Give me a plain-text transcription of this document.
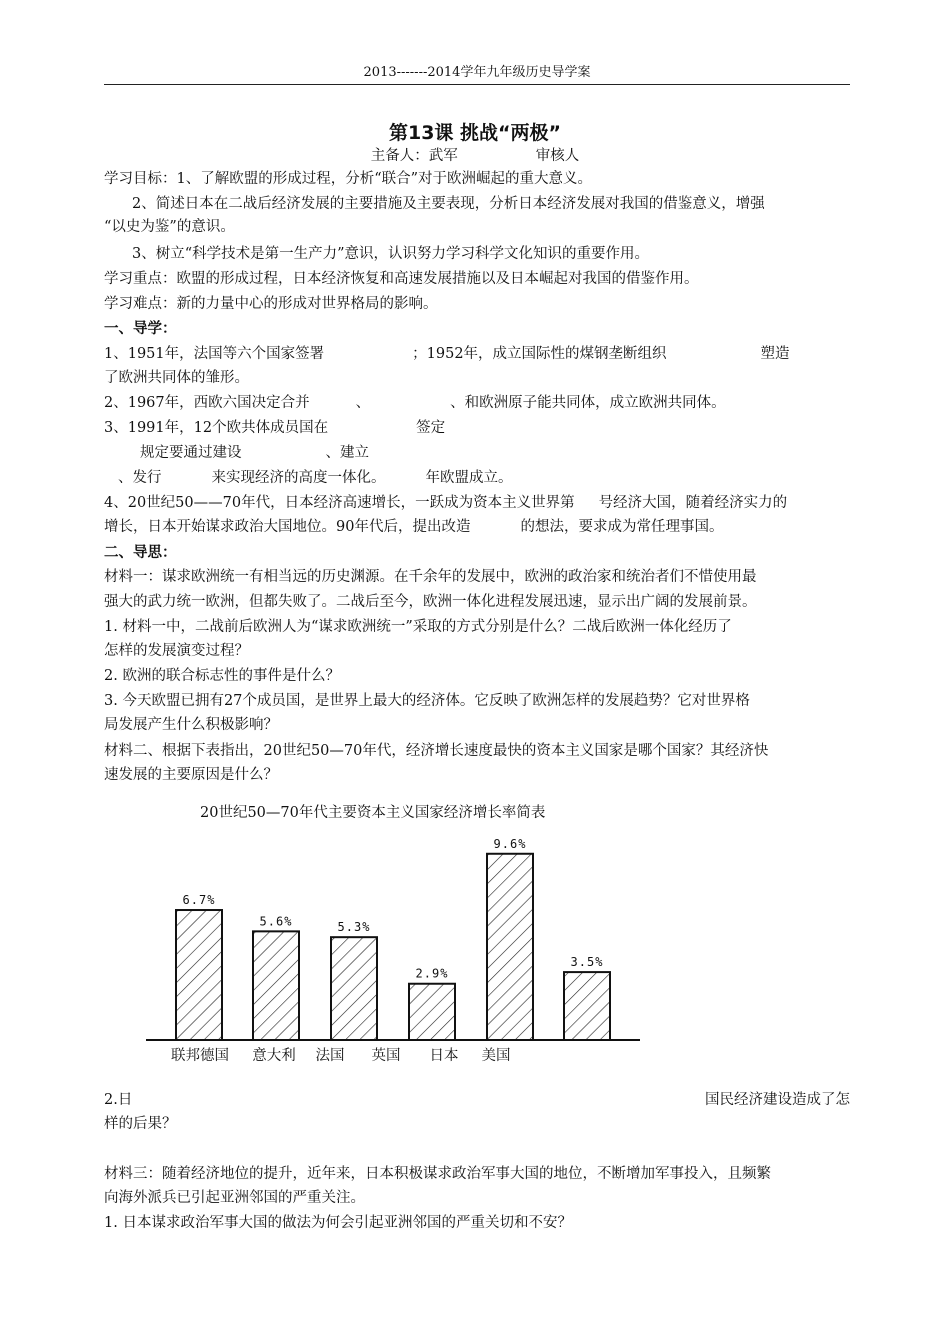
2013-------2014学年九年级历史导学案
第13课 挑战“两极”
主备人：武军	审核人
学习目标：1、了解欧盟的形成过程，分析“联合”对于欧洲崛起的重大意义。
2、简述日本在二战后经济发展的主要措施及主要表现，分析日本经济发展对我国的借鉴意义，增强
“以史为鉴”的意识。
3、树立“科学技术是第一生产力”意识，认识努力学习科学文化知识的重要作用。
学习重点：欧盟的形成过程，日本经济恢复和高速发展措施以及日本崛起对我国的借鉴作用。
学习难点：新的力量中心的形成对世界格局的影响。
一、导学：
1、1951年，法国等六个国家签署	；1952年，成立国际性的煤钢垄断组织	塑造
了欧洲共同体的雏形。
2、1967年，西欧六国决定合并	、	、和欧洲原子能共同体，成立欧洲共同体。
3、1991年，12个欧共体成员国在	签定
规定要通过建设	、建立
、发行	来实现经济的高度一体化。	年欧盟成立。
4、20世纪50——70年代，日本经济高速增长，一跃成为资本主义世界第 号经济大国，随着经济实力的
增长，日本开始谋求政治大国地位。90年代后，提出改造	的想法，要求成为常任理事国。
二、导思：
材料一：谋求欧洲统一有相当远的历史渊源。在千余年的发展中，欧洲的政治家和统治者们不惜使用最
强大的武力统一欧洲，但都失败了。二战后至今，欧洲一体化进程发展迅速，显示出广阔的发展前景。
1. 材料一中，二战前后欧洲人为“谋求欧洲统一”采取的方式分别是什么？二战后欧洲一体化经历了
怎样的发展演变过程？
2. 欧洲的联合标志性的事件是什么？
3. 今天欧盟已拥有27个成员国，是世界上最大的经济体。它反映了欧洲怎样的发展趋势？它对世界格
局发展产生什么积极影响？
材料二、根据下表指出，20世纪50—70年代，经济增长速度最快的资本主义国家是哪个国家？其经济快
速发展的主要原因是什么？
20世纪50—70年代主要资本主义国家经济增长率简表
6.7%
联邦德国
5.6%
意大利
5.3%
法国
2.9%
英国
9.6%
日本
3.5%
美国
2.日	国民经济建设造成了怎
样的后果？
材料三：随着经济地位的提升，近年来，日本积极谋求政治军事大国的地位，不断增加军事投入，且频繁
向海外派兵已引起亚洲邻国的严重关注。
1. 日本谋求政治军事大国的做法为何会引起亚洲邻国的严重关切和不安？
